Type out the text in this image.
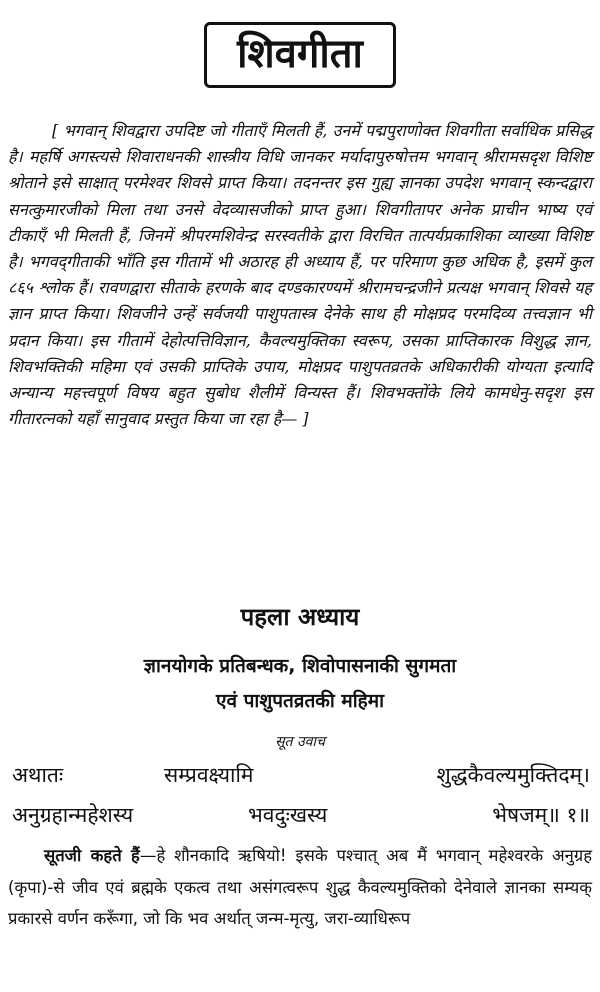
शिवगीता
[ भगवान् शिवद्वारा उपदिष्ट जो गीताएँ मिलती हैं, उनमें पद्मपुराणोक्त शिवगीता सर्वाधिक प्रसिद्ध है। महर्षि अगस्त्यसे शिवाराधनकी शास्त्रीय विधि जानकर मर्यादापुरुषोत्तम भगवान् श्रीरामसदृश विशिष्ट श्रोताने इसे साक्षात् परमेश्वर शिवसे प्राप्त किया। तदनन्तर इस गुह्य ज्ञानका उपदेश भगवान् स्कन्दद्वारा सनत्कुमारजीको मिला तथा उनसे वेदव्यासजीको प्राप्त हुआ। शिवगीतापर अनेक प्राचीन भाष्य एवं टीकाएँ भी मिलती हैं, जिनमें श्रीपरमशिवेन्द्र सरस्वतीके द्वारा विरचित तात्पर्यप्रकाशिका व्याख्या विशिष्ट है। भगवद्‌गीताकी भाँति इस गीतामें भी अठारह ही अध्याय हैं, पर परिमाण कुछ अधिक है, इसमें कुल ८६५ श्लोक हैं। रावणद्वारा सीताके हरणके बाद दण्डकारण्यमें श्रीरामचन्द्रजीने प्रत्यक्ष भगवान् शिवसे यह ज्ञान प्राप्त किया। शिवजीने उन्हें सर्वजयी पाशुपतास्त्र देनेके साथ ही मोक्षप्रद परमदिव्य तत्त्वज्ञान भी प्रदान किया। इस गीतामें देहोत्पत्तिविज्ञान, कैवल्यमुक्तिका स्वरूप, उसका प्राप्तिकारक विशुद्ध ज्ञान, शिवभक्तिकी महिमा एवं उसकी प्राप्तिके उपाय, मोक्षप्रद पाशुपतव्रतके अधिकारीकी योग्यता इत्यादि अन्यान्य महत्त्वपूर्ण विषय बहुत सुबोध शैलीमें विन्यस्त हैं। शिवभक्तोंके लिये कामधेनु-सदृश इस गीतारत्नको यहाँ सानुवाद प्रस्तुत किया जा रहा है— ]
पहला अध्याय
ज्ञानयोगके प्रतिबन्धक, शिवोपासनाकी सुगमता
एवं पाशुपतव्रतकी महिमा
सूत उवाच
अथातः	सम्प्रवक्ष्यामि	शुद्धकैवल्यमुक्तिदम्।
अनुग्रहान्महेशस्य	भवदुःखस्य	भेषजम्॥ १॥
सूतजी कहते हैं—हे शौनकादि ऋषियो! इसके पश्चात् अब मैं भगवान् महेश्वरके अनुग्रह (कृपा)-से जीव एवं ब्रह्मके एकत्व तथा असंगत्वरूप शुद्ध कैवल्यमुक्तिको देनेवाले ज्ञानका सम्यक् प्रकारसे वर्णन करूँगा, जो कि भव अर्थात् जन्म-मृत्यु, जरा-व्याधिरूप
